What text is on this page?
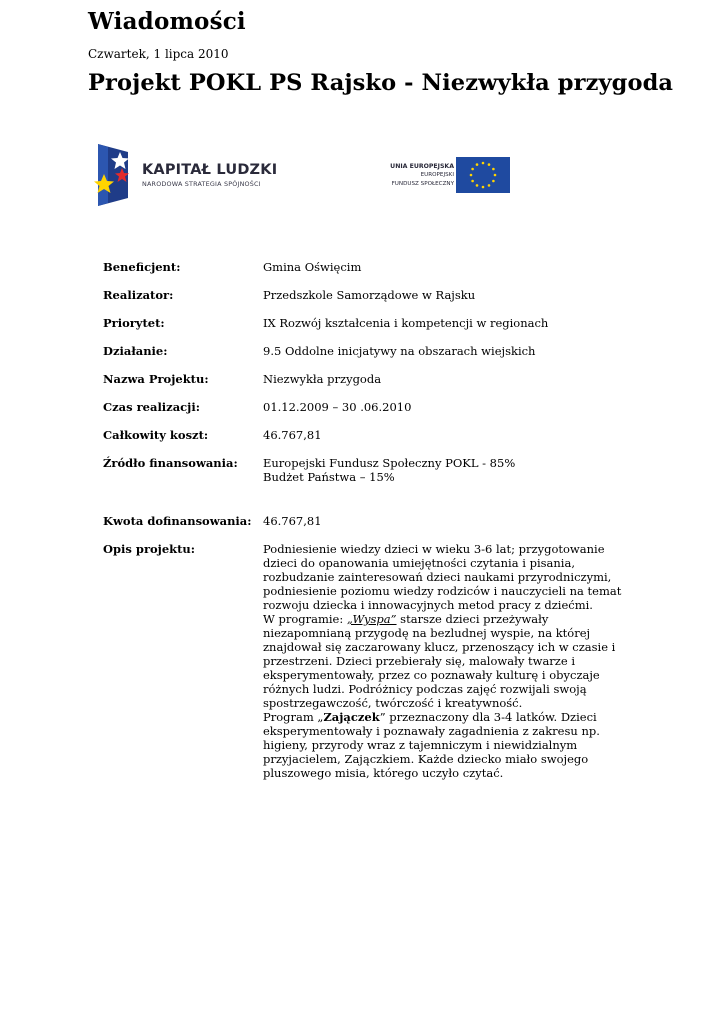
Wiadomości

Czwartek, 1 lipca 2010

Projekt POKL PS Rajsko - Niezwykła przygoda
KAPITAŁ LUDZKI
NARODOWA STRATEGIA SPÓJNOŚCI
UNIA EUROPEJSKA
EUROPEJSKI
FUNDUSZ SPOŁECZNY
Beneficjent:	Gmina Oświęcim
Realizator:	Przedszkole Samorządowe w Rajsku
Priorytet:	IX Rozwój kształcenia i kompetencji w regionach
Działanie:	9.5 Oddolne inicjatywy na obszarach wiejskich
Nazwa Projektu:	Niezwykła przygoda
Czas realizacji:	01.12.2009 – 30 .06.2010
Całkowity koszt:	46.767,81
Źródło finansowania:	Europejski Fundusz Społeczny POKL - 85%
Budżet Państwa – 15%
Kwota dofinansowania: 46.767,81
Opis projektu:	Podniesienie wiedzy dzieci w wieku 3-6 lat; przygotowanie dzieci do opanowania umiejętności czytania i pisania, rozbudzanie zainteresowań dzieci naukami przyrodniczymi, podniesienie poziomu wiedzy rodziców i nauczycieli na temat rozwoju dziecka i innowacyjnych metod pracy z dziećmi.

W programie: „Wyspa” starsze dzieci przeżywały niezapomnianą przygodę na bezludnej wyspie, na której znajdował się zaczarowany klucz, przenoszący ich w czasie i przestrzeni. Dzieci przebierały się, malowały twarze i eksperymentowały, przez co poznawały kulturę i obyczaje różnych ludzi. Podróżnicy podczas zajęć rozwijali swoją spostrzegawczość, twórczość i kreatywność.

Program „Zajączek” przeznaczony dla 3-4 latków. Dzieci eksperymentowały i poznawały zagadnienia z zakresu np. higieny, przyrody wraz z tajemniczym i niewidzialnym przyjacielem, Zajączkiem. Każde dziecko miało swojego pluszowego misia, którego uczyło czytać.
